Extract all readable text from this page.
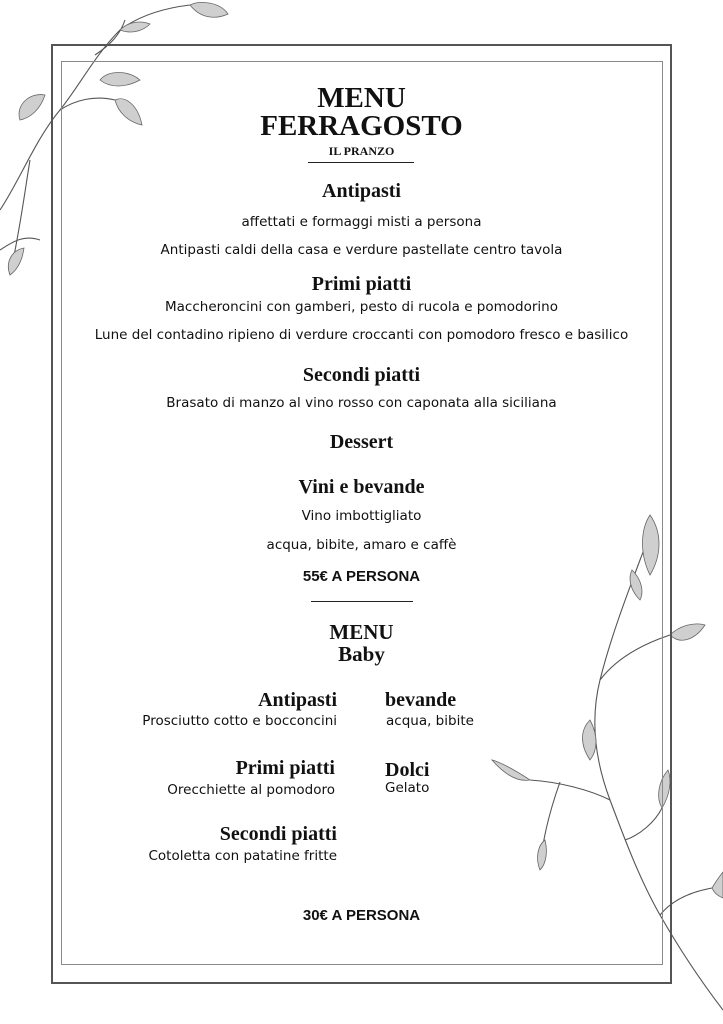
MENU
FERRAGOSTO
IL PRANZO
Antipasti
affettati e formaggi misti a persona
Antipasti caldi della casa e verdure pastellate centro tavola
Primi piatti
Maccheroncini con gamberi, pesto di rucola e pomodorino
Lune del contadino ripieno di verdure croccanti con pomodoro fresco e basilico
Secondi piatti
Brasato di manzo al vino rosso con caponata alla siciliana
Dessert
Vini e bevande
Vino imbottigliato
acqua, bibite, amaro e caffè
55€ A PERSONA
MENU
Baby
Antipasti
Prosciutto cotto e bocconcini
Primi piatti
Orecchiette al pomodoro
Secondi piatti
Cotoletta con patatine fritte
bevande
acqua, bibite
Dolci
Gelato
30€ A PERSONA
